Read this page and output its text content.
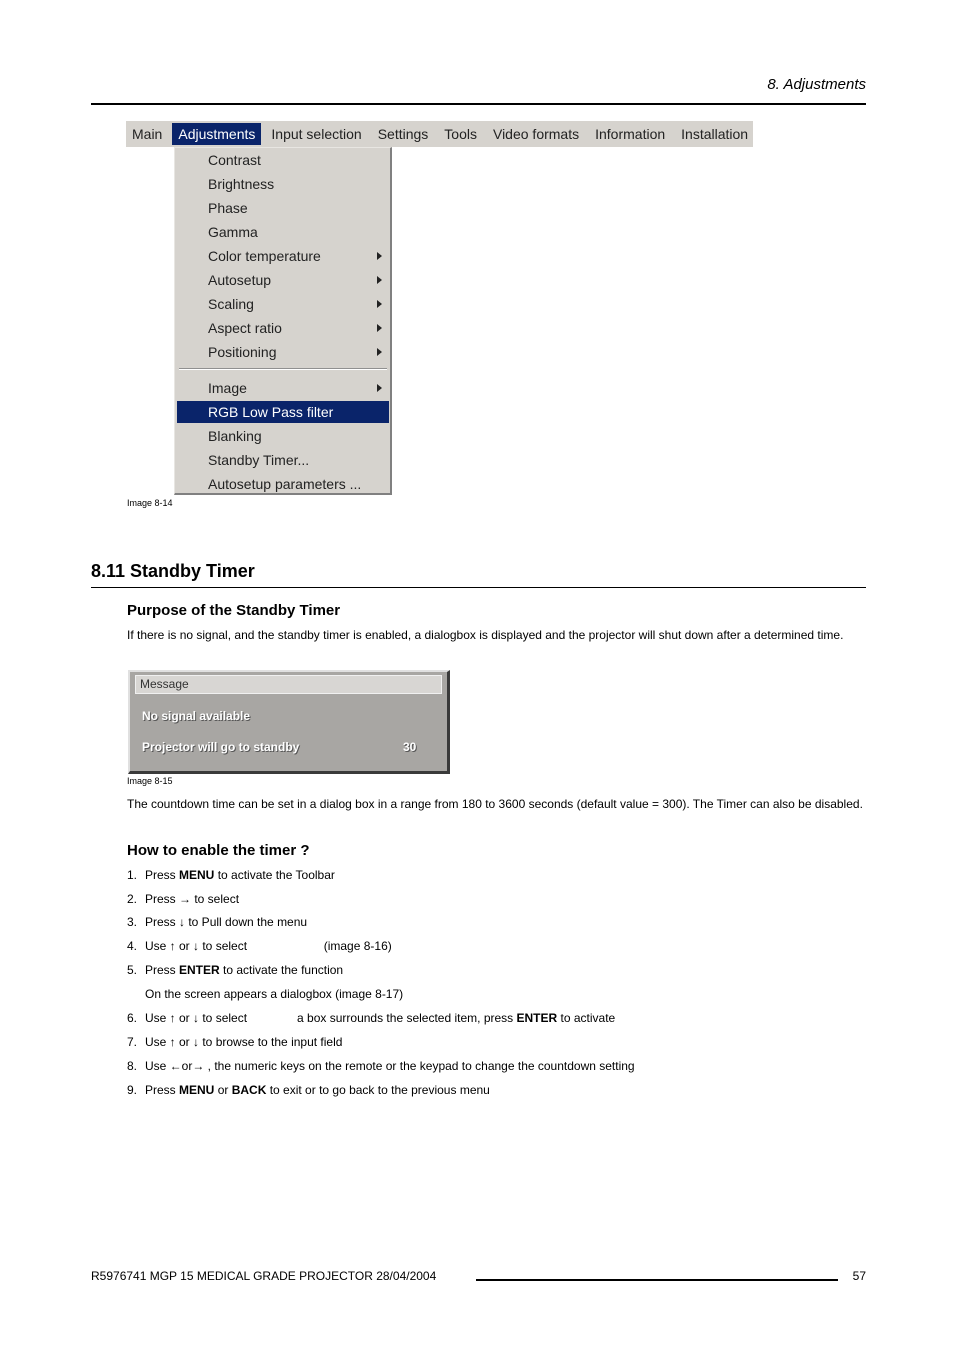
8. Adjustments
Main	Adjustments	Input selection	Settings	Tools	Video formats	Information	Installation
Contrast
Brightness
Phase
Gamma
Color temperature
Autosetup
Scaling
Aspect ratio
Positioning
Image
RGB Low Pass filter
Blanking
Standby Timer...
Autosetup parameters ...
Image 8-14
8.11 Standby Timer
Purpose of the Standby Timer
If there is no signal, and the standby timer is enabled, a dialogbox is displayed and the projector will shut down after a determined time.
Message
No signal available
Projector will go to standby	30
Image 8-15
The countdown time can be set in a dialog box in a range from 180 to 3600 seconds (default value = 300). The Timer can also be disabled.
How to enable the timer ?
1. Press MENU to activate the Toolbar
2. Press → to select
3. Press ↓ to Pull down the menu
4. Use ↑ or ↓ to select                       (image 8-16)
5. Press ENTER to activate the function
On the screen appears a dialogbox (image 8-17)
6. Use ↑ or ↓ to select               a box surrounds the selected item, press ENTER to activate
7. Use ↑ or ↓ to browse to the input field
8. Use ←or→ , the numeric keys on the remote or the keypad to change the countdown setting
9. Press MENU or BACK to exit or to go back to the previous menu
R5976741 MGP 15 MEDICAL GRADE PROJECTOR 28/04/2004	57
